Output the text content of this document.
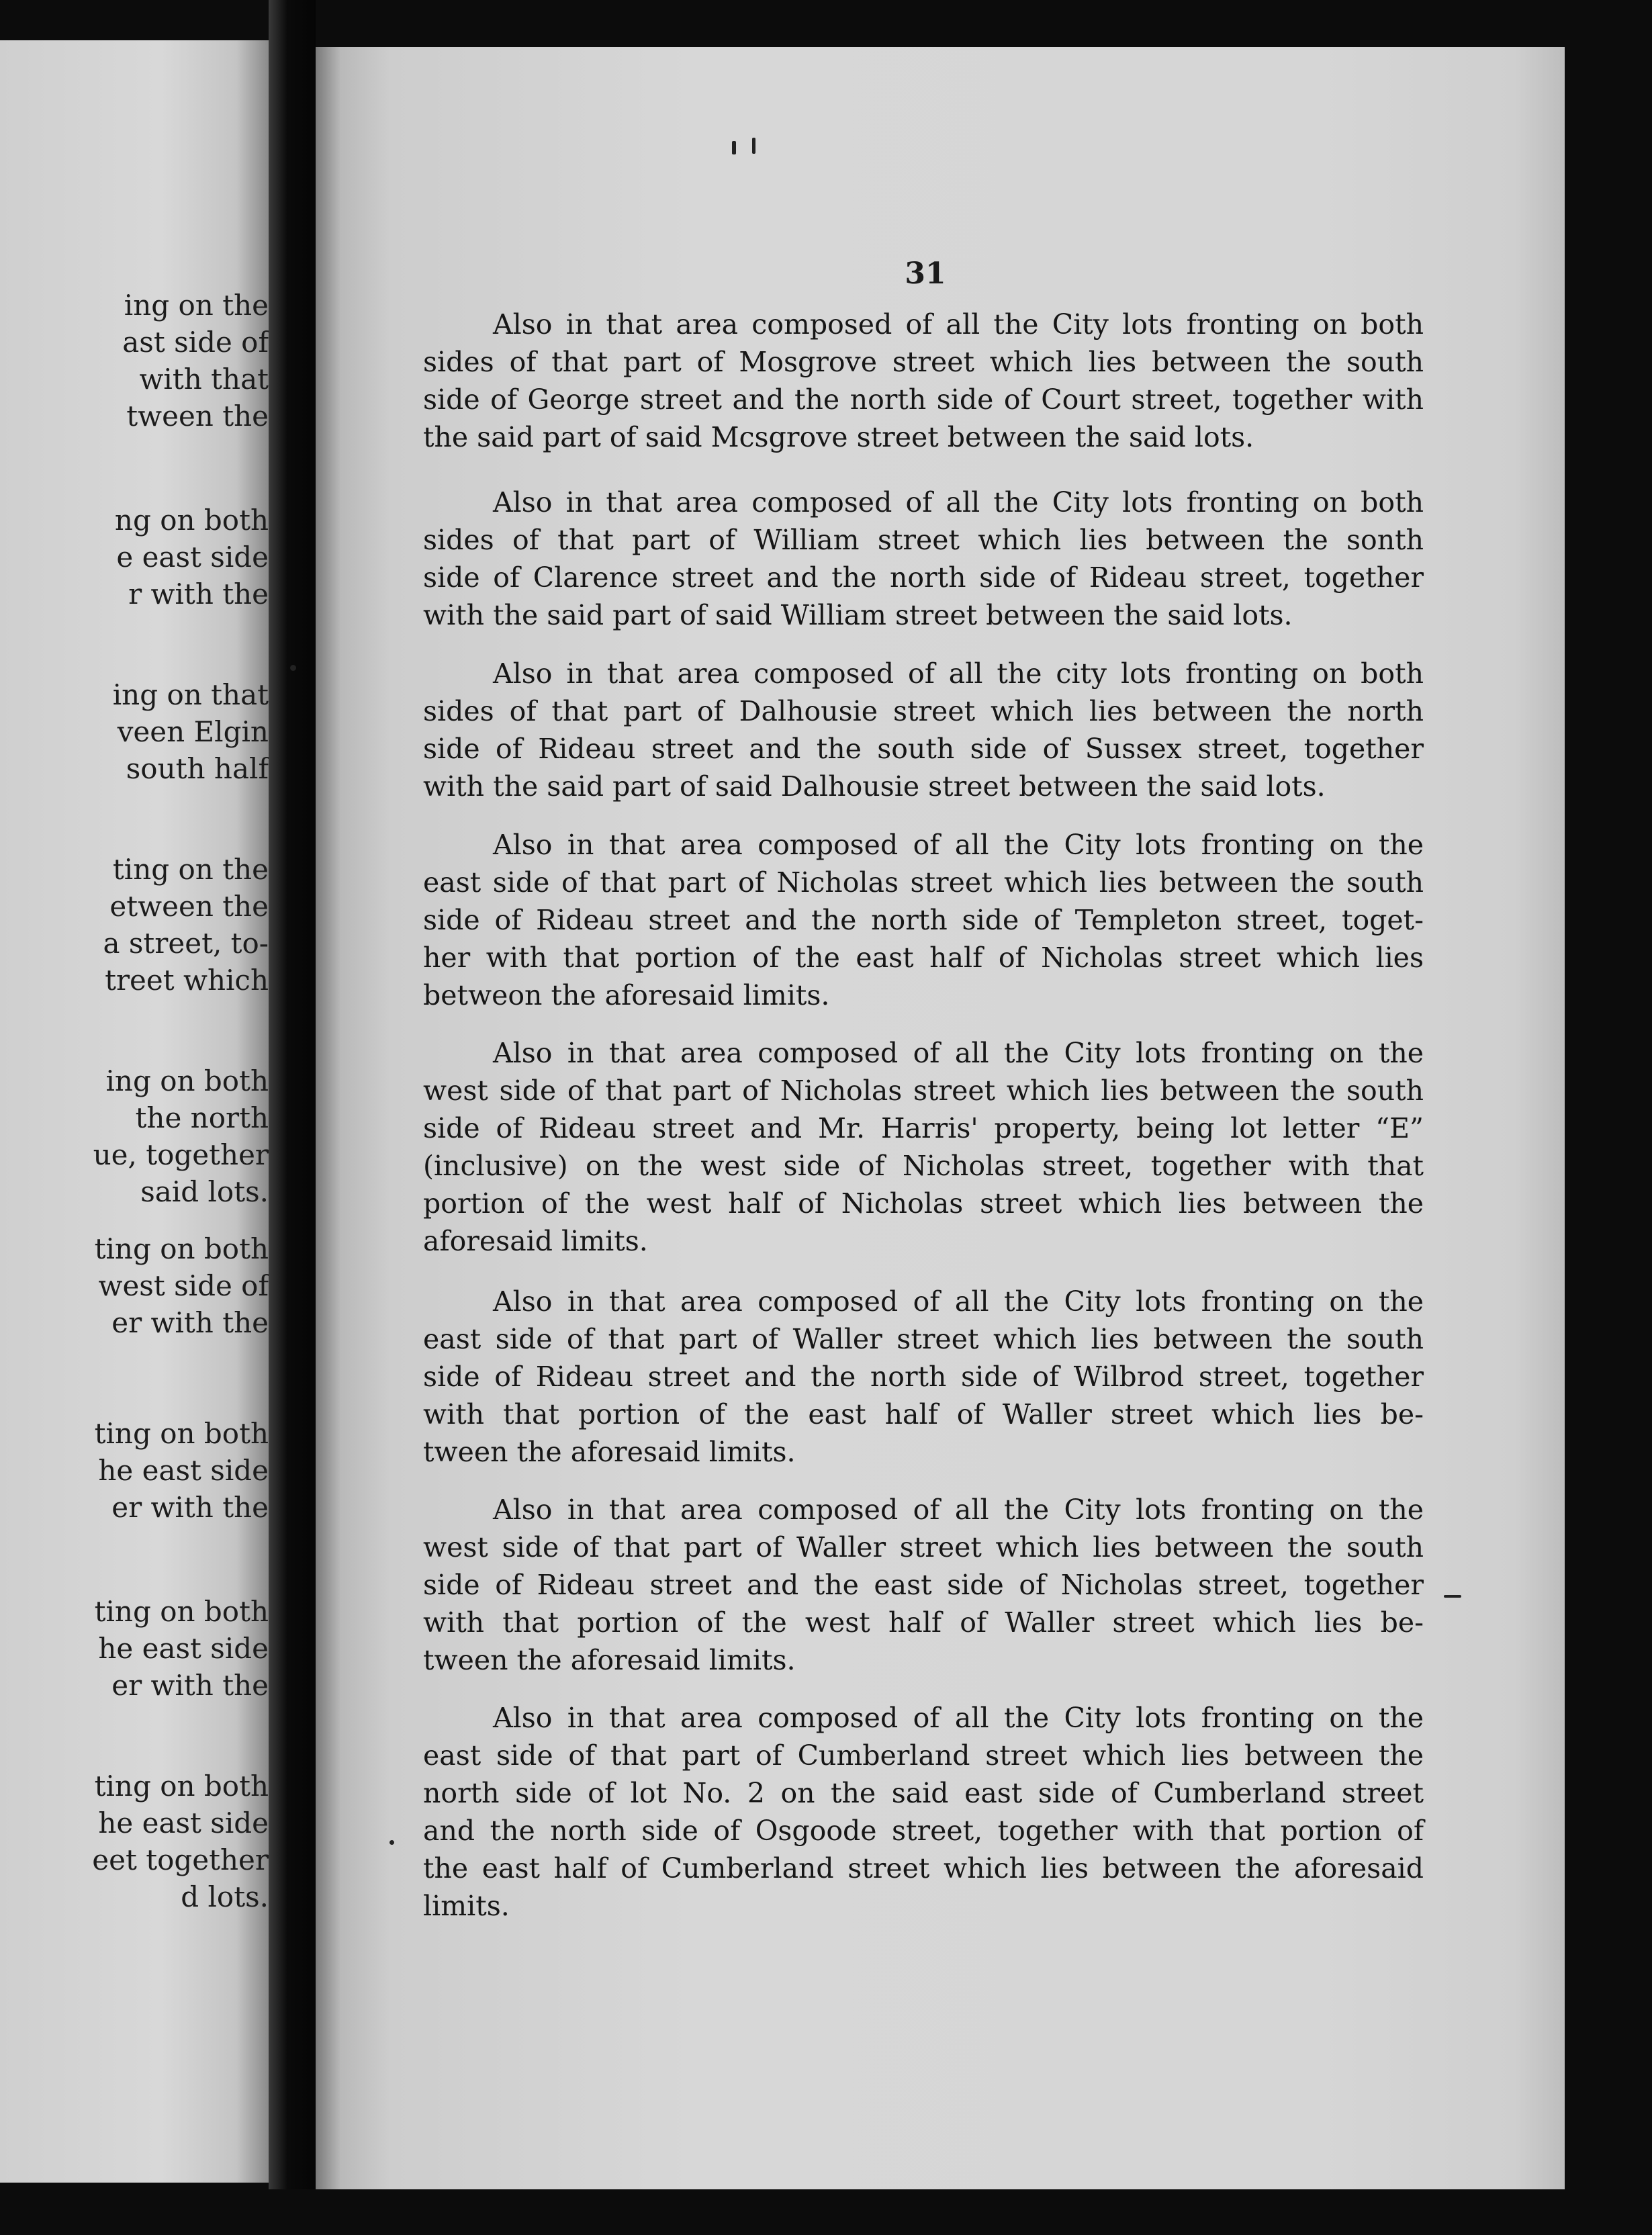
ing on the
ast side of
with that
tween the
ng on both
e east side
r with the
ing on that
veen Elgin
south half
ting on the
etween the
a street, to-
treet which
ing on both
the north
ue, together
said lots.
ting on both
west side of
er with the
ting on both
he east side
er with the
ting on both
he east side
er with the
ting on both
he east side
eet together
d lots.
31
Also in that area composed of all the City lots fronting on both
sides of that part of Mosgrove street which lies between the south
side of George street and the north side of Court street, together with
the said part of said Mcsgrove street between the said lots.
Also in that area composed of all the City lots fronting on both
sides of that part of William street which lies between the sonth
side of Clarence street and the north side of Rideau street, together
with the said part of said William street between the said lots.
Also in that area composed of all the city lots fronting on both
sides of that part of Dalhousie street which lies between the north
side of Rideau street and the south side of Sussex street, together
with the said part of said Dalhousie street between the said lots.
Also in that area composed of all the City lots fronting on the
east side of that part of Nicholas street which lies between the south
side of Rideau street and the north side of Templeton street, toget-
her with that portion of the east half of Nicholas street which lies
betweon the aforesaid limits.
Also in that area composed of all the City lots fronting on the
west side of that part of Nicholas street which lies between the south
side of Rideau street and Mr. Harris' property, being lot letter “E”
(inclusive) on the west side of Nicholas street, together with that
portion of the west half of Nicholas street which lies between the
aforesaid limits.
Also in that area composed of all the City lots fronting on the
east side of that part of Waller street which lies between the south
side of Rideau street and the north side of Wilbrod street, together
with that portion of the east half of Waller street which lies be-
tween the aforesaid limits.
Also in that area composed of all the City lots fronting on the
west side of that part of Waller street which lies between the south
side of Rideau street and the east side of Nicholas street, together
with that portion of the west half of Waller street which lies be-
tween the aforesaid limits.
Also in that area composed of all the City lots fronting on the
east side of that part of Cumberland street which lies between the
north side of lot No. 2 on the said east side of Cumberland street
and the north side of Osgoode street, together with that portion of
the east half of Cumberland street which lies between the aforesaid
limits.
